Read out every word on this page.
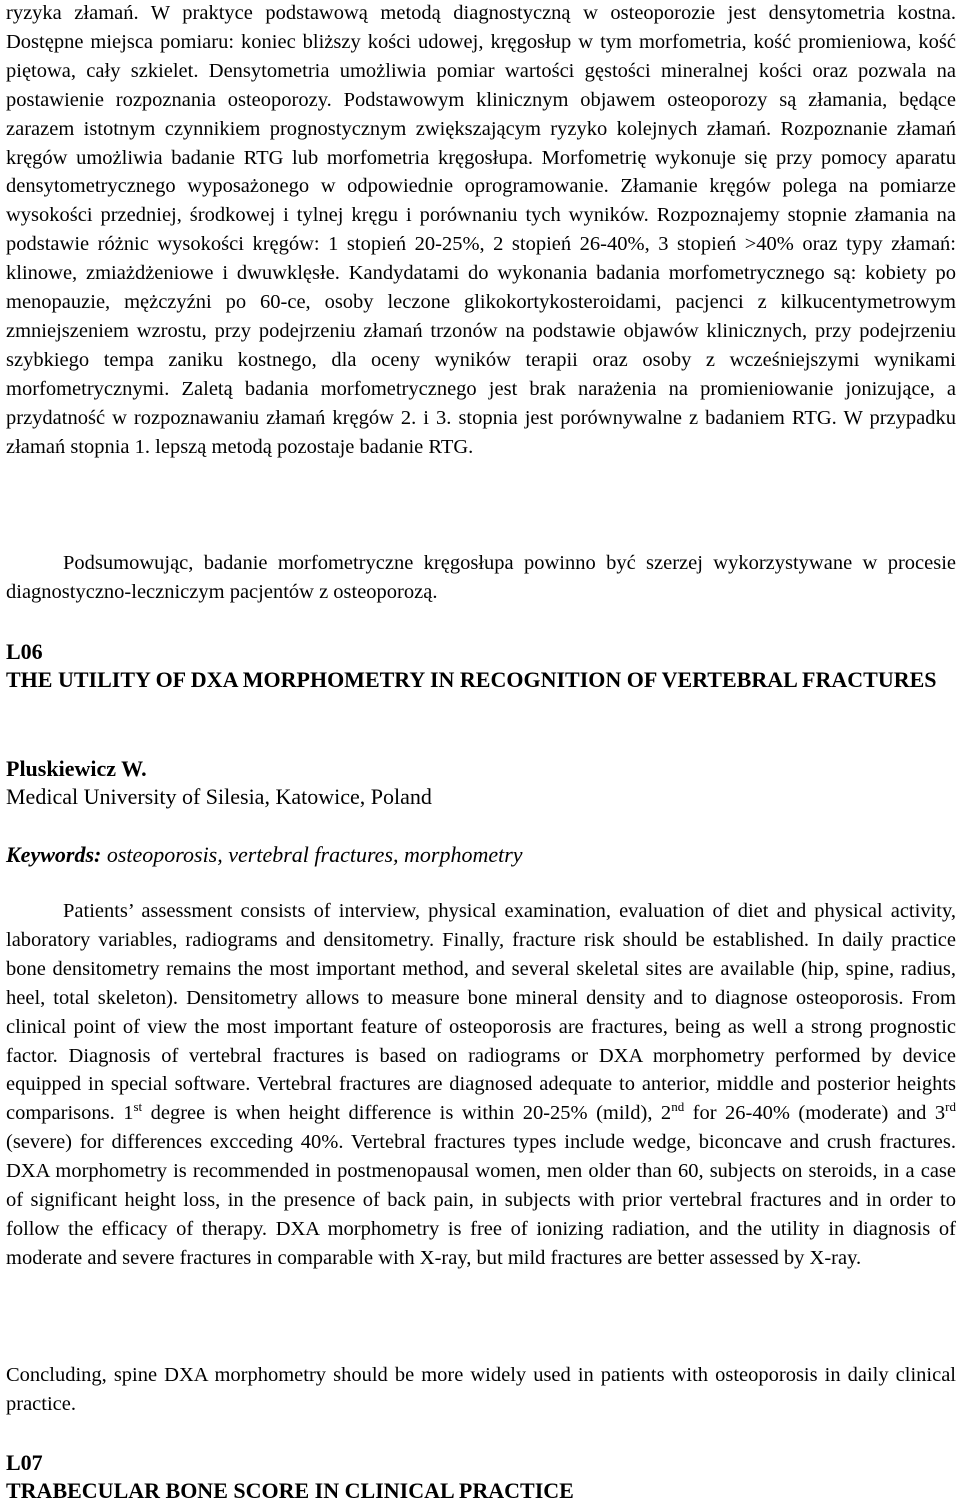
ryzyka złamań. W praktyce podstawową metodą diagnostyczną w osteoporozie jest densytometria kostna. Dostępne miejsca pomiaru: koniec bliższy kości udowej, kręgosłup w tym morfometria, kość promieniowa, kość piętowa, cały szkielet. Densytometria umożliwia pomiar wartości gęstości mineralnej kości oraz pozwala na postawienie rozpoznania osteoporozy. Podstawowym klinicznym objawem osteoporozy są złamania, będące zarazem istotnym czynnikiem prognostycznym zwiększającym ryzyko kolejnych złamań. Rozpoznanie złamań kręgów umożliwia badanie RTG lub morfometria kręgosłupa. Morfometrię wykonuje się przy pomocy aparatu densytometrycznego wyposażonego w odpowiednie oprogramowanie. Złamanie kręgów polega na pomiarze wysokości przedniej, środkowej i tylnej kręgu i porównaniu tych wyników. Rozpoznajemy stopnie złamania na podstawie różnic wysokości kręgów: 1 stopień 20-25%, 2 stopień 26-40%, 3 stopień >40% oraz typy złamań: klinowe, zmiażdżeniowe i dwuwklęsłe. Kandydatami do wykonania badania morfometrycznego są: kobiety po menopauzie, mężczyźni po 60-ce, osoby leczone glikokortykosteroidami, pacjenci z kilkucentymetrowym zmniejszeniem wzrostu, przy podejrzeniu złamań trzonów na podstawie objawów klinicznych, przy podejrzeniu szybkiego tempa zaniku kostnego, dla oceny wyników terapii oraz osoby z wcześniejszymi wynikami morfometrycznymi. Zaletą badania morfometrycznego jest brak narażenia na promieniowanie jonizujące, a przydatność w rozpoznawaniu złamań kręgów 2. i 3. stopnia jest porównywalne z badaniem RTG. W przypadku złamań stopnia 1. lepszą metodą pozostaje badanie RTG.

Podsumowując, badanie morfometryczne kręgosłupa powinno być szerzej wykorzystywane w procesie diagnostyczno-leczniczym pacjentów z osteoporozą.

L06

THE UTILITY OF DXA MORPHOMETRY IN RECOGNITION OF VERTEBRAL FRACTURES

Pluskiewicz W.

Medical University of Silesia, Katowice, Poland

Keywords: osteoporosis, vertebral fractures, morphometry

Patients’ assessment consists of interview, physical examination, evaluation of diet and physical activity, laboratory variables, radiograms and densitometry. Finally, fracture risk should be established. In daily practice bone densitometry remains the most important method, and several skeletal sites are available (hip, spine, radius, heel, total skeleton). Densitometry allows to measure bone mineral density and to diagnose osteoporosis. From clinical point of view the most important feature of osteoporosis are fractures, being as well a strong prognostic factor. Diagnosis of vertebral fractures is based on radiograms or DXA morphometry performed by device equipped in special software. Vertebral fractures are diagnosed adequate to anterior, middle and posterior heights comparisons. 1st degree is when height difference is within 20-25% (mild), 2nd for 26-40% (moderate) and 3rd (severe) for differences excceding 40%. Vertebral fractures types include wedge, biconcave and crush fractures. DXA morphometry is recommended in postmenopausal women, men older than 60, subjects on steroids, in a case of significant height loss, in the presence of back pain, in subjects with prior vertebral fractures and in order to follow the efficacy of therapy. DXA morphometry is free of ionizing radiation, and the utility in diagnosis of moderate and severe fractures in comparable with X-ray, but mild fractures are better assessed by X-ray.

Concluding, spine DXA morphometry should be more widely used in patients with osteoporosis in daily clinical practice.

L07

TRABECULAR BONE SCORE IN CLINICAL PRACTICE
